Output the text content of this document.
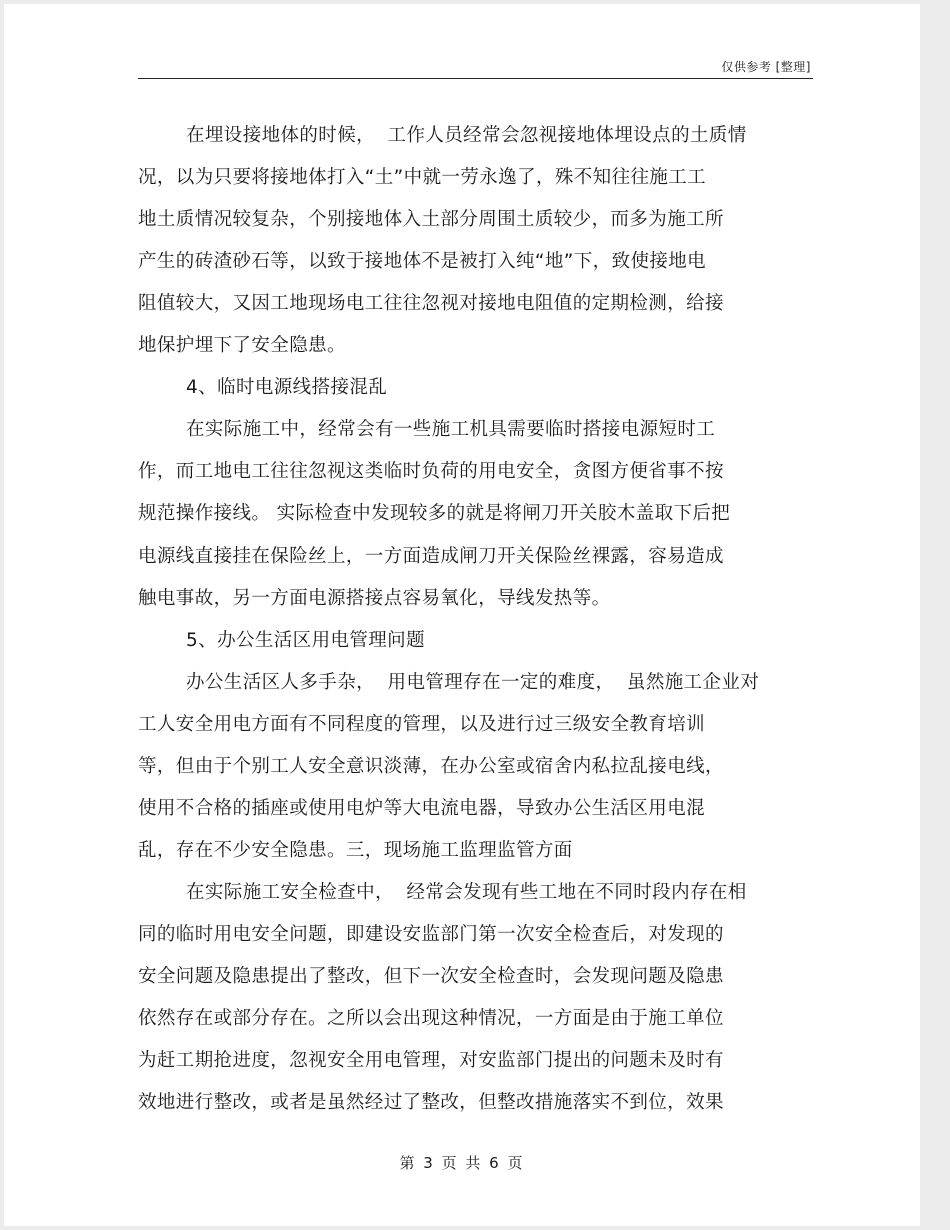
仅供参考 [整理]
在埋设接地体的时候，  工作人员经常会忽视接地体埋设点的土质情
况，以为只要将接地体打入“土”中就一劳永逸了，殊不知往往施工工
地土质情况较复杂，个别接地体入土部分周围土质较少，而多为施工所
产生的砖渣砂石等，以致于接地体不是被打入纯“地”下，致使接地电
阻值较大，又因工地现场电工往往忽视对接地电阻值的定期检测，给接
地保护埋下了安全隐患。
4、临时电源线搭接混乱
在实际施工中，经常会有一些施工机具需要临时搭接电源短时工
作，而工地电工往往忽视这类临时负荷的用电安全，贪图方便省事不按
规范操作接线。 实际检查中发现较多的就是将闸刀开关胶木盖取下后把
电源线直接挂在保险丝上，一方面造成闸刀开关保险丝裸露，容易造成
触电事故，另一方面电源搭接点容易氧化，导线发热等。
5、办公生活区用电管理问题
办公生活区人多手杂，  用电管理存在一定的难度，  虽然施工企业对
工人安全用电方面有不同程度的管理，以及进行过三级安全教育培训
等，但由于个别工人安全意识淡薄，在办公室或宿舍内私拉乱接电线，
使用不合格的插座或使用电炉等大电流电器，导致办公生活区用电混
乱，存在不少安全隐患。三，现场施工监理监管方面
在实际施工安全检查中，  经常会发现有些工地在不同时段内存在相
同的临时用电安全问题，即建设安监部门第一次安全检查后，对发现的
安全问题及隐患提出了整改，但下一次安全检查时，会发现问题及隐患
依然存在或部分存在。之所以会出现这种情况，一方面是由于施工单位
为赶工期抢进度，忽视安全用电管理，对安监部门提出的问题未及时有
效地进行整改，或者是虽然经过了整改，但整改措施落实不到位，效果
第 3 页 共 6 页
